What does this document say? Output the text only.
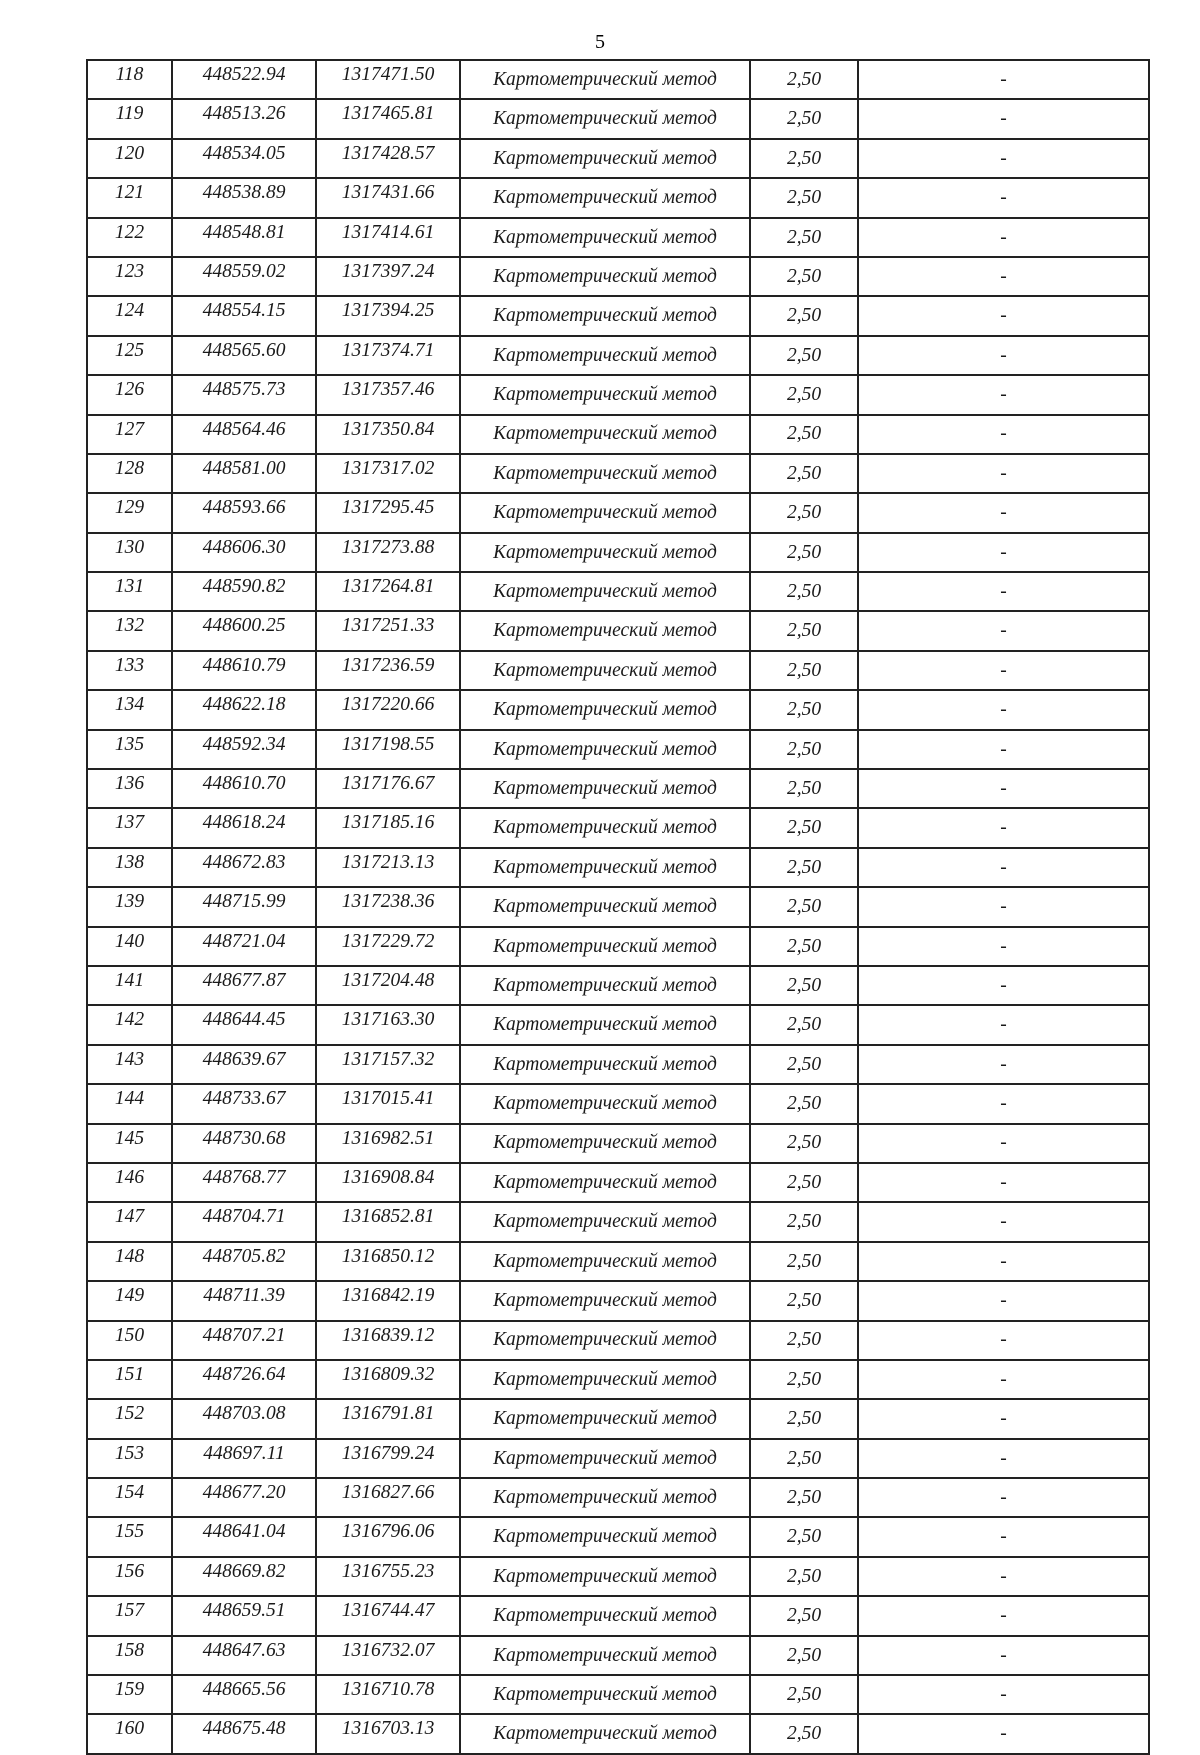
5
118	448522.94	1317471.50	Картометрический метод	2,50	-
119	448513.26	1317465.81	Картометрический метод	2,50	-
120	448534.05	1317428.57	Картометрический метод	2,50	-
121	448538.89	1317431.66	Картометрический метод	2,50	-
122	448548.81	1317414.61	Картометрический метод	2,50	-
123	448559.02	1317397.24	Картометрический метод	2,50	-
124	448554.15	1317394.25	Картометрический метод	2,50	-
125	448565.60	1317374.71	Картометрический метод	2,50	-
126	448575.73	1317357.46	Картометрический метод	2,50	-
127	448564.46	1317350.84	Картометрический метод	2,50	-
128	448581.00	1317317.02	Картометрический метод	2,50	-
129	448593.66	1317295.45	Картометрический метод	2,50	-
130	448606.30	1317273.88	Картометрический метод	2,50	-
131	448590.82	1317264.81	Картометрический метод	2,50	-
132	448600.25	1317251.33	Картометрический метод	2,50	-
133	448610.79	1317236.59	Картометрический метод	2,50	-
134	448622.18	1317220.66	Картометрический метод	2,50	-
135	448592.34	1317198.55	Картометрический метод	2,50	-
136	448610.70	1317176.67	Картометрический метод	2,50	-
137	448618.24	1317185.16	Картометрический метод	2,50	-
138	448672.83	1317213.13	Картометрический метод	2,50	-
139	448715.99	1317238.36	Картометрический метод	2,50	-
140	448721.04	1317229.72	Картометрический метод	2,50	-
141	448677.87	1317204.48	Картометрический метод	2,50	-
142	448644.45	1317163.30	Картометрический метод	2,50	-
143	448639.67	1317157.32	Картометрический метод	2,50	-
144	448733.67	1317015.41	Картометрический метод	2,50	-
145	448730.68	1316982.51	Картометрический метод	2,50	-
146	448768.77	1316908.84	Картометрический метод	2,50	-
147	448704.71	1316852.81	Картометрический метод	2,50	-
148	448705.82	1316850.12	Картометрический метод	2,50	-
149	448711.39	1316842.19	Картометрический метод	2,50	-
150	448707.21	1316839.12	Картометрический метод	2,50	-
151	448726.64	1316809.32	Картометрический метод	2,50	-
152	448703.08	1316791.81	Картометрический метод	2,50	-
153	448697.11	1316799.24	Картометрический метод	2,50	-
154	448677.20	1316827.66	Картометрический метод	2,50	-
155	448641.04	1316796.06	Картометрический метод	2,50	-
156	448669.82	1316755.23	Картометрический метод	2,50	-
157	448659.51	1316744.47	Картометрический метод	2,50	-
158	448647.63	1316732.07	Картометрический метод	2,50	-
159	448665.56	1316710.78	Картометрический метод	2,50	-
160	448675.48	1316703.13	Картометрический метод	2,50	-
